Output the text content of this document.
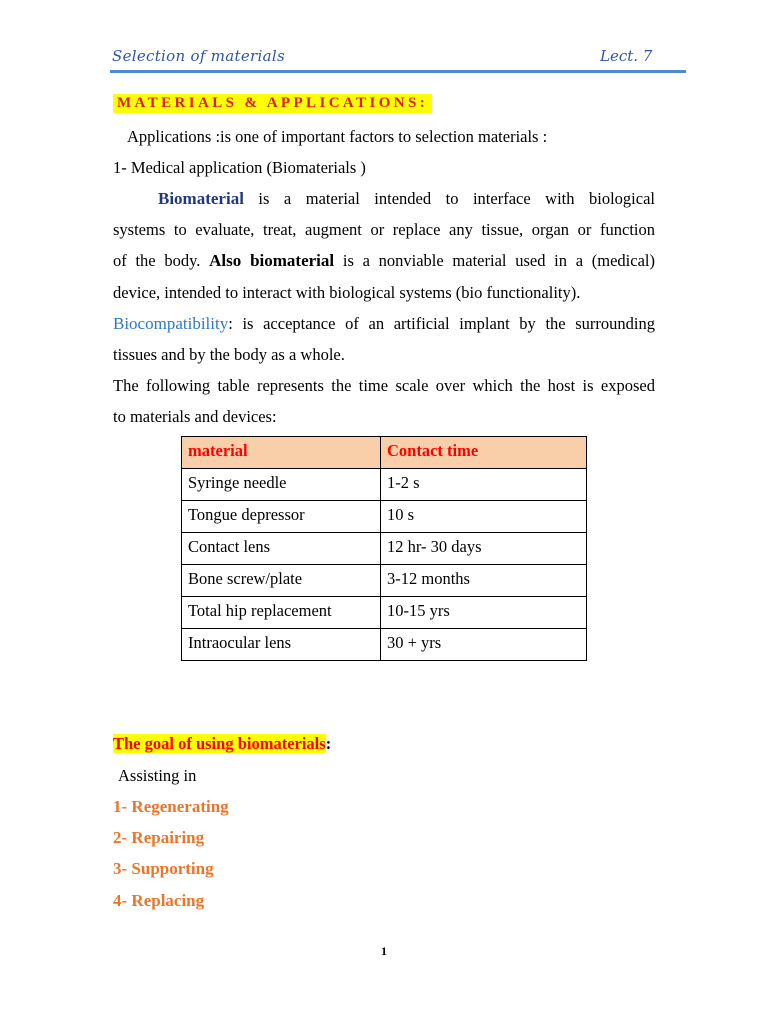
Selection of materials	Lect. 7
MATERIALS & APPLICATIONS:
Applications :is one of important factors to selection materials :
1- Medical application (Biomaterials )
Biomaterial is a material intended to interface with biological
systems to evaluate, treat, augment or replace any tissue, organ or function
of the body. Also biomaterial is a nonviable material used in a (medical)
device, intended to interact with biological systems (bio functionality).
Biocompatibility: is acceptance of an artificial implant by the surrounding
tissues and by the body as a whole.
The following table represents the time scale over which the host is exposed
to materials and devices:
material	Contact time
Syringe needle	1-2 s
Tongue depressor	10 s
Contact lens	12 hr- 30 days
Bone screw/plate	3-12 months
Total hip replacement	10-15 yrs
Intraocular lens	30 + yrs
The goal of using biomaterials:
Assisting in
1- Regenerating
2- Repairing
3- Supporting
4- Replacing
1
